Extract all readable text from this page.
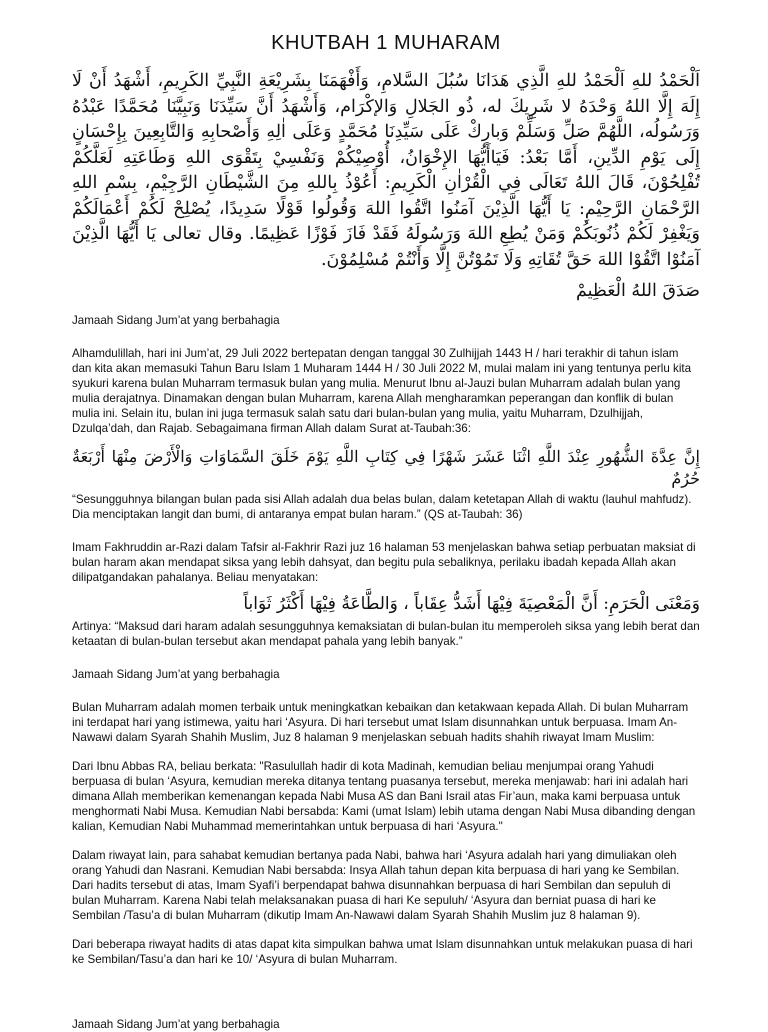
KHUTBAH 1 MUHARAM

اَلْحَمْدُ للهِ اَلْحَمْدُ للهِ الَّذِي هَدَانَا سُبُلَ السَّلامِ، وَأَفْهَمَنَا بِشَرِيْعَةِ النَّبِيِّ الكَرِيمِ، أَشْهَدُ أَنْ لَا إِلَهَ إِلَّا اللهُ وَحْدَهُ لا شَرِيكَ له، ذُو الجَلالِ وَالإكْرَام، وَأَشْهَدُ أَنَّ سَيِّدَنَا وَنَبِيَّنَا مُحَمَّدًا عَبْدُهُ وَرَسُولُه، اللَّهُمَّ صَلِّ وَسَلِّمْ وَبارِكْ عَلَى سَيِّدِنَا مُحَمَّدٍ وَعَلَى اٰلِهِ وَأَصْحابِهِ وَالتَّابِعِينَ بِإِحْسَانٍ إِلَى يَوْمِ الدِّينِ، أَمَّا بَعْدُ: فَيَاأَيُّهَا الإِخْوَانُ، أُوْصِيْكُمْ وَنَفْسِيْ بِتَقْوَى اللهِ وَطَاعَتِهِ لَعَلَّكُمْ تُفْلِحُوْنَ، قَالَ اللهُ تَعَالَى فِي الْقُرْاٰنِ الْكَرِيمِ: أَعُوْذُ بِاللهِ مِنَ الشَّيْطَانِ الرَّجِيْمِ، بِسْمِ اللهِ الرَّحْمَانِ الرَّحِيْمِ: يَا أَيُّهَا الَّذِيْنَ آمَنُوا اتَّقُوا اللهَ وَقُولُوا قَوْلًا سَدِيدًا، يُصْلِحْ لَكُمْ أَعْمَالَكُمْ وَيَغْفِرْ لَكُمْ ذُنُوبَكُمْ وَمَنْ يُطِعِ اللهَ وَرَسُولَهُ فَقَدْ فَازَ فَوْزًا عَظِيمًا. وقال تعالى يَا أَيُّهَا الَّذِيْنَ آمَنُوْا اتَّقُوْا اللهَ حَقَّ تُقَاتِهِ وَلَا تَمُوْتُنَّ إِلَّا وَأَنْتُمْ مُسْلِمُوْنَ.

صَدَقَ اللهُ الْعَظِيمْ

Jamaah Sidang Jum’at yang berbahagia

Alhamdulillah, hari ini Jum’at, 29 Juli 2022 bertepatan dengan tanggal 30 Zulhijjah 1443 H / hari terakhir di tahun islam dan kita akan memasuki Tahun Baru Islam 1 Muharam 1444 H / 30 Juli 2022 M, mulai malam ini yang tentunya perlu kita syukuri karena bulan Muharram termasuk bulan yang mulia. Menurut Ibnu al-Jauzi bulan Muharram adalah bulan yang mulia derajatnya. Dinamakan dengan bulan Muharram, karena Allah mengharamkan peperangan dan konflik di bulan mulia ini. Selain itu, bulan ini juga termasuk salah satu dari bulan-bulan yang mulia, yaitu Muharram, Dzulhijjah, Dzulqa’dah, dan Rajab. Sebagaimana firman Allah dalam Surat at-Taubah:36:

إِنَّ عِدَّةَ الشُّهُورِ عِنْدَ اللَّهِ اثْنَا عَشَرَ شَهْرًا فِي كِتَابِ اللَّهِ يَوْمَ خَلَقَ السَّمَاوَاتِ وَالْأَرْضَ مِنْهَا أَرْبَعَةٌ حُرُمٌ

“Sesungguhnya bilangan bulan pada sisi Allah adalah dua belas bulan, dalam ketetapan Allah di waktu (lauhul mahfudz). Dia menciptakan langit dan bumi, di antaranya empat bulan haram.” (QS at-Taubah: 36)

Imam Fakhruddin ar-Razi dalam Tafsir al-Fakhrir Razi juz 16 halaman 53 menjelaskan bahwa setiap perbuatan maksiat di bulan haram akan mendapat siksa yang lebih dahsyat, dan begitu pula sebaliknya, perilaku ibadah kepada Allah akan dilipatgandakan pahalanya. Beliau menyatakan:

وَمَعْنَى الْحَرَمِ: أَنَّ الْمَعْصِيَةَ فِيْهَا أَشَدُّ عِقَاباً ، وَالطَّاعَةُ فِيْهَا أَكْثَرُ ثَوَاباً

Artinya: “Maksud dari haram adalah sesungguhnya kemaksiatan di bulan-bulan itu memperoleh siksa yang lebih berat dan ketaatan di bulan-bulan tersebut akan mendapat pahala yang lebih banyak.”

Jamaah Sidang Jum’at yang berbahagia

Bulan Muharram adalah momen terbaik untuk meningkatkan kebaikan dan ketakwaan kepada Allah. Di bulan Muharram ini terdapat hari yang istimewa, yaitu hari ‘Asyura. Di hari tersebut umat Islam disunnahkan untuk berpuasa. Imam An-Nawawi dalam Syarah Shahih Muslim, Juz 8 halaman 9 menjelaskan sebuah hadits shahih riwayat Imam Muslim:

Dari Ibnu Abbas RA, beliau berkata: "Rasulullah hadir di kota Madinah, kemudian beliau menjumpai orang Yahudi berpuasa di bulan ‘Asyura, kemudian mereka ditanya tentang puasanya tersebut, mereka menjawab: hari ini adalah hari dimana Allah memberikan kemenangan kepada Nabi Musa AS dan Bani Israil atas Fir’aun, maka kami berpuasa untuk menghormati Nabi Musa. Kemudian Nabi bersabda: Kami (umat Islam) lebih utama dengan Nabi Musa dibanding dengan kalian, Kemudian Nabi Muhammad memerintahkan untuk berpuasa di hari ‘Asyura."

Dalam riwayat lain, para sahabat kemudian bertanya pada Nabi, bahwa hari ‘Asyura adalah hari yang dimuliakan oleh orang Yahudi dan Nasrani. Kemudian Nabi bersabda: Insya Allah tahun depan kita berpuasa di hari yang ke Sembilan. Dari hadits tersebut di atas, Imam Syafi’i berpendapat bahwa disunnahkan berpuasa di hari Sembilan dan sepuluh di bulan Muharram. Karena Nabi telah melaksanakan puasa di hari Ke sepuluh/ ‘Asyura dan berniat puasa di hari ke Sembilan /Tasu’a di bulan Muharram (dikutip Imam An-Nawawi dalam Syarah Shahih Muslim juz 8 halaman 9).

Dari beberapa riwayat hadits di atas dapat kita simpulkan bahwa umat Islam disunnahkan untuk melakukan puasa di hari ke Sembilan/Tasu’a dan hari ke 10/ ‘Asyura di bulan Muharram.

Jamaah Sidang Jum’at yang berbahagia
